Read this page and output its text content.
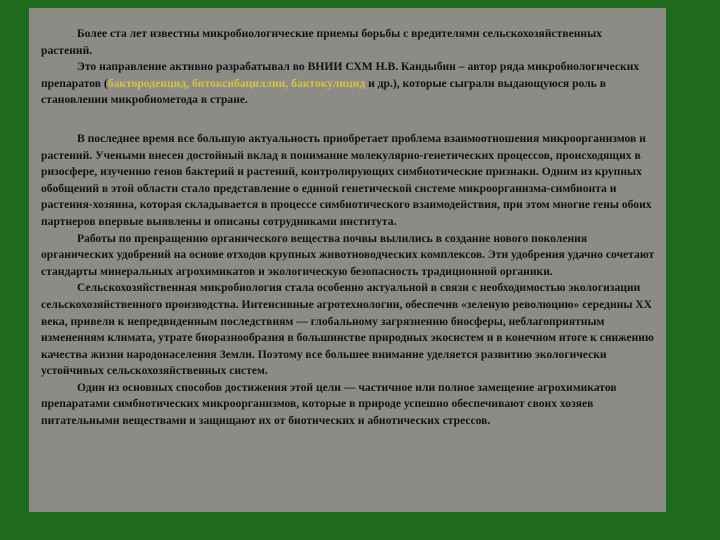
Более ста лет известны микробиологические приемы борьбы с вредителями сельскохозяйственных растений.

Это направление активно разрабатывал во ВНИИ СХМ Н.В. Кандыбин – автор ряда микробиологических препаратов (бактороденцид, битоксибациллин, бактокулицид и др.), которые сыграли выдающуюся роль в становлении микробиометода в стране.

В последнее время все большую актуальность приобретает проблема взаимоотношения микроорганизмов и растений. Учеными внесен достойный вклад в понимание молекулярно-генетических процессов, происходящих в ризосфере, изучению генов бактерий и растений, контролирующих симбиотические признаки. Одним из крупных обобщений в этой области стало представление о единой генетической системе микроорганизма-симбионта и растения-хозяина, которая складывается в процессе симбиотического взаимодействия, при этом многие гены обоих партнеров впервые выявлены и описаны сотрудниками института.

Работы по превращению органического вещества почвы вылились в создание нового поколения органических удобрений на основе отходов крупных животноводческих комплексов. Эти удобрения удачно сочетают стандарты минеральных агрохимикатов и экологическую безопасность традиционной органики.

Сельскохозяйственная микробиология стала особенно актуальной в связи с необходимостью экологизации сельскохозяйственного производства. Интенсивные агротехнологии, обеспечив «зеленую революцию» середины XX века, привели к непредвиденным последствиям — глобальному загрязнению биосферы, неблагоприятным изменениям климата, утрате биоразнообразия в большинстве природных экосистем и в конечном итоге к снижению качества жизни народонаселения Земли. Поэтому все большее внимание уделяется развитию экологически устойчивых сельскохозяйственных систем.

Один из основных способов достижения этой цели — частичное или полное замещение агрохимикатов препаратами симбиотических микроорганизмов, которые в природе успешно обеспечивают своих хозяев питательными веществами и защищают их от биотических и абиотических стрессов.
